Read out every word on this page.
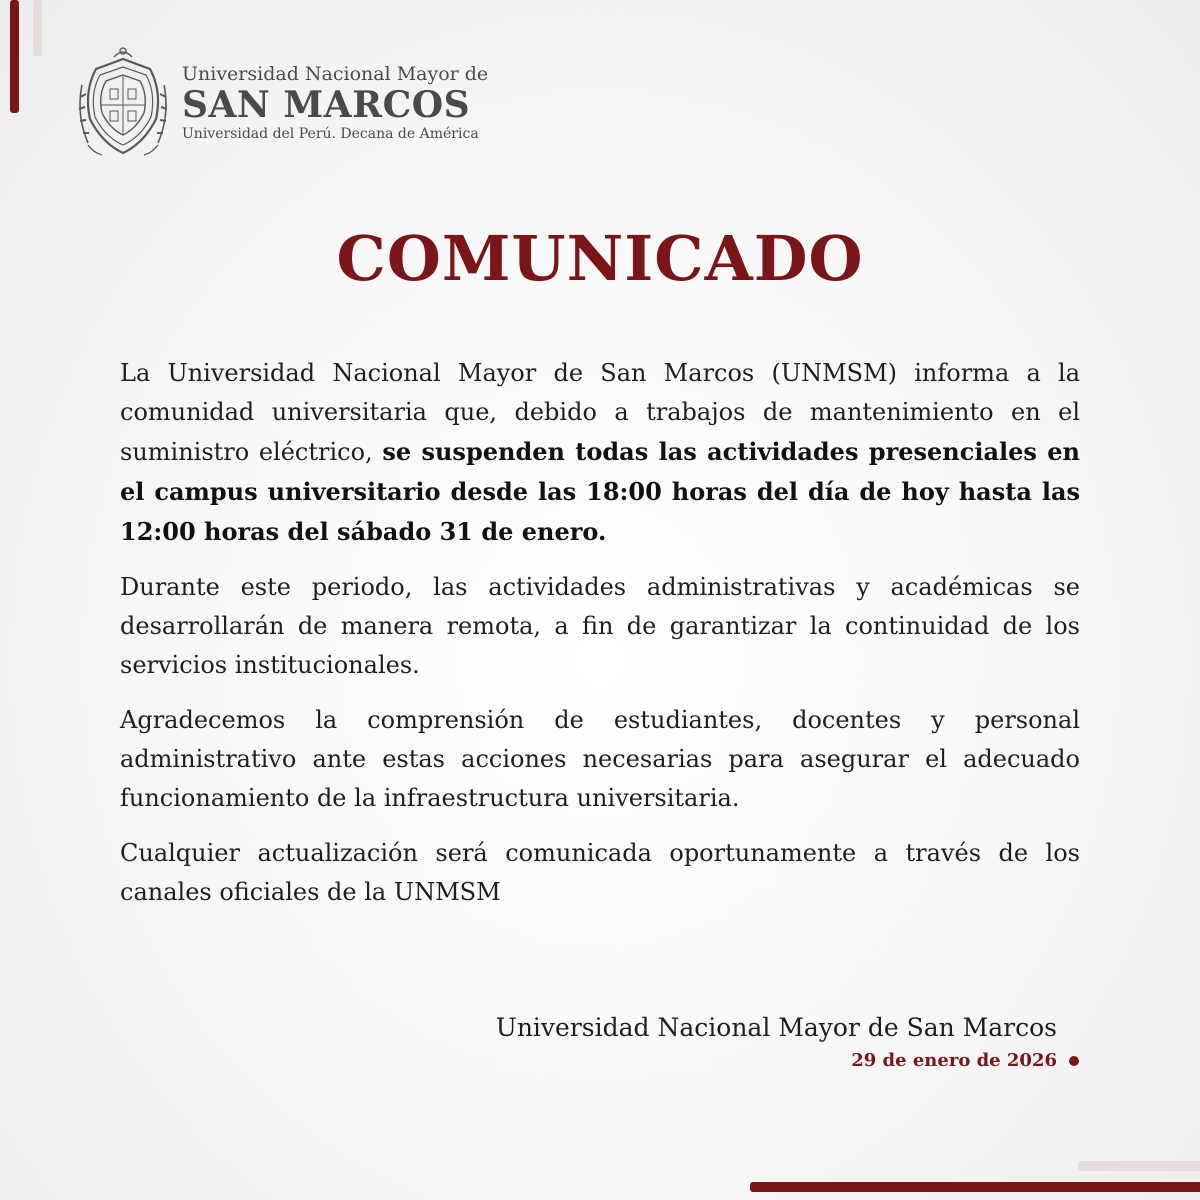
Universidad Nacional Mayor de
SAN MARCOS
Universidad del Perú. Decana de América
COMUNICADO

La Universidad Nacional Mayor de San Marcos (UNMSM) informa a la comunidad universitaria que, debido a trabajos de mantenimiento en el suministro eléctrico, se suspenden todas las actividades presenciales en el campus universitario desde las 18:00 horas del día de hoy hasta las 12:00 horas del sábado 31 de enero.

Durante este periodo, las actividades administrativas y académicas se desarrollarán de manera remota, a fin de garantizar la continuidad de los servicios institucionales.

Agradecemos la comprensión de estudiantes, docentes y personal administrativo ante estas acciones necesarias para asegurar el adecuado funcionamiento de la infraestructura universitaria.

Cualquier actualización será comunicada oportunamente a través de los canales oficiales de la UNMSM

Universidad Nacional Mayor de San Marcos
29 de enero de 2026
